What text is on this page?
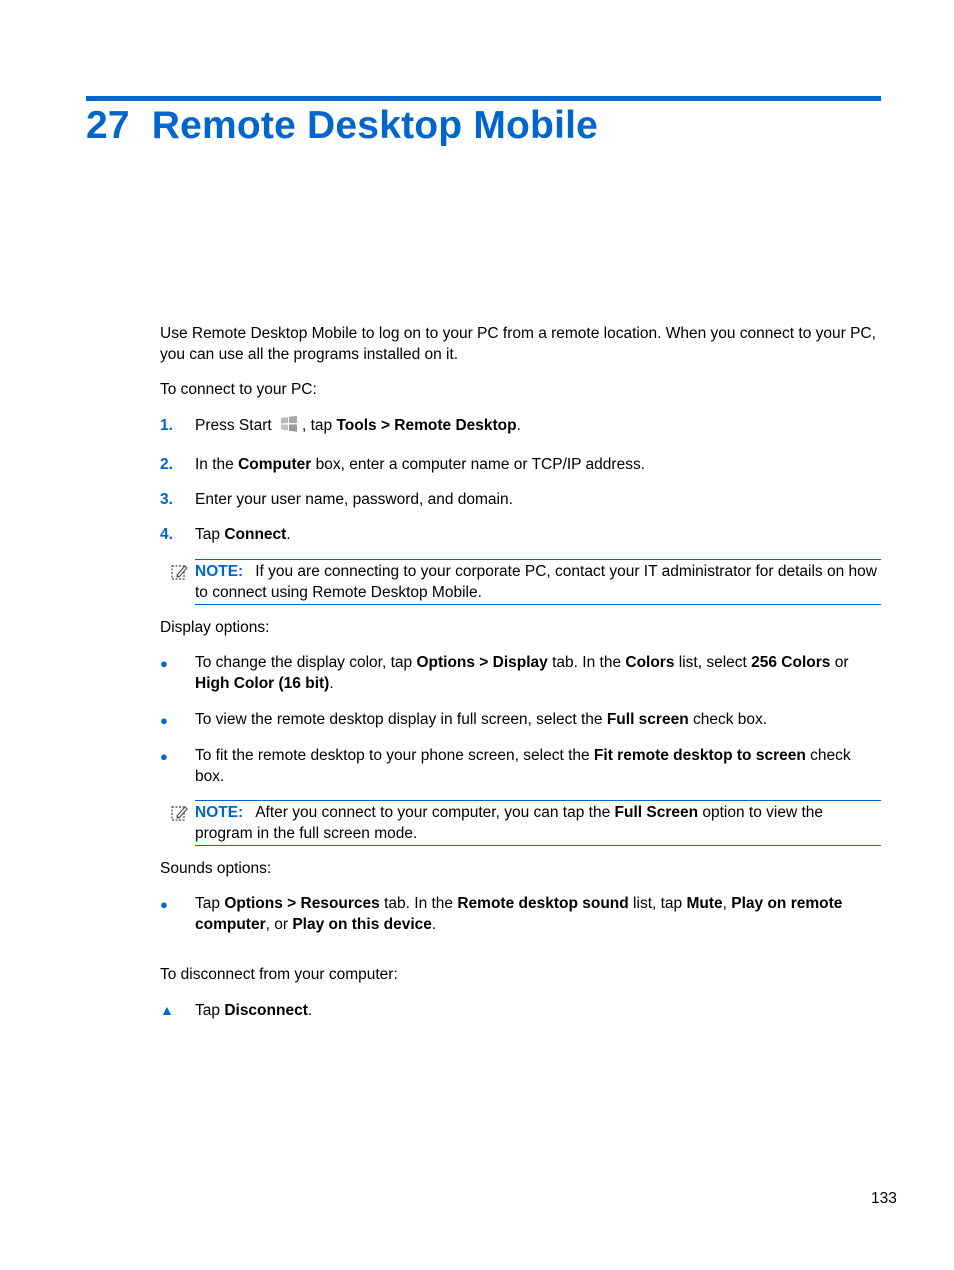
27 Remote Desktop Mobile
Use Remote Desktop Mobile to log on to your PC from a remote location. When you connect to your PC, you can use all the programs installed on it.
To connect to your PC:
1.	Press Start , tap Tools > Remote Desktop.
2.	In the Computer box, enter a computer name or TCP/IP address.
3.	Enter your user name, password, and domain.
4.	Tap Connect.
NOTE: If you are connecting to your corporate PC, contact your IT administrator for details on how to connect using Remote Desktop Mobile.
Display options:
●	To change the display color, tap Options > Display tab. In the Colors list, select 256 Colors or High Color (16 bit).
●	To view the remote desktop display in full screen, select the Full screen check box.
●	To fit the remote desktop to your phone screen, select the Fit remote desktop to screen check box.
NOTE: After you connect to your computer, you can tap the Full Screen option to view the program in the full screen mode.
Sounds options:
●	Tap Options > Resources tab. In the Remote desktop sound list, tap Mute, Play on remote computer, or Play on this device.
To disconnect from your computer:
▲	Tap Disconnect.
133
